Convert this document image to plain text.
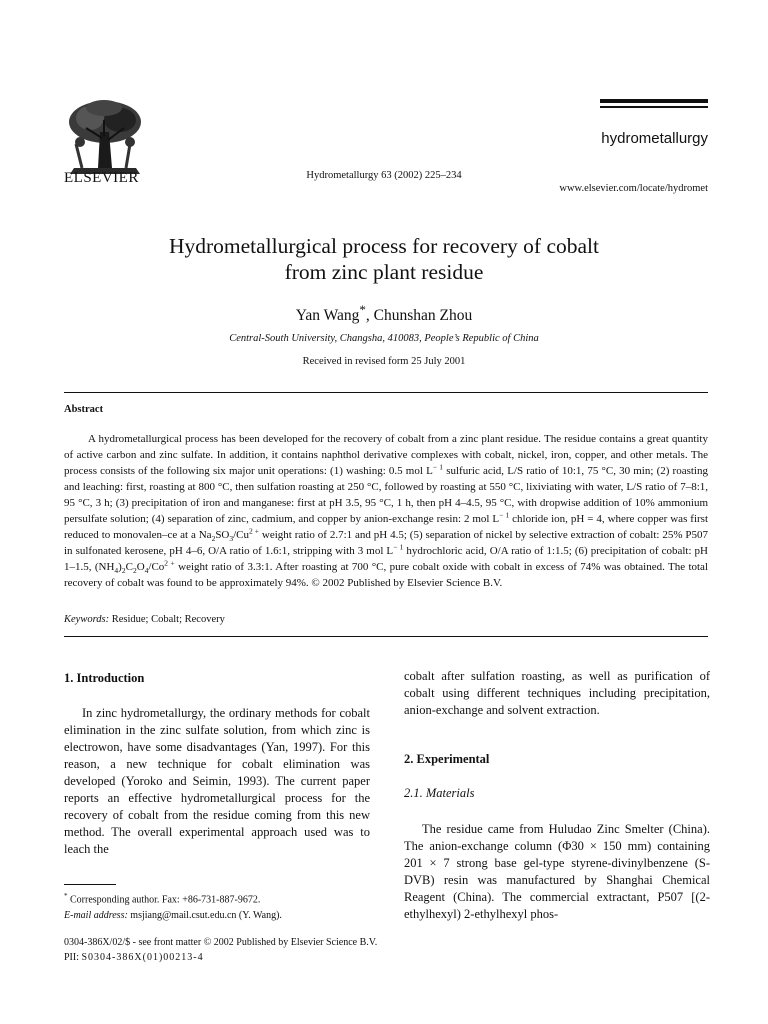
ELSEVIER	Hydrometallurgy 63 (2002) 225–234
hydrometallurgy
www.elsevier.com/locate/hydromet
Hydrometallurgical process for recovery of cobalt
from zinc plant residue
Yan Wang*, Chunshan Zhou
Central-South University, Changsha, 410083, People’s Republic of China
Received in revised form 25 July 2001
Abstract
A hydrometallurgical process has been developed for the recovery of cobalt from a zinc plant residue. The residue contains a great quantity of active carbon and zinc sulfate. In addition, it contains naphthol derivative complexes with cobalt, nickel, iron, copper, and other metals. The process consists of the following six major unit operations: (1) washing: 0.5 mol $L^{- 1}$ sulfuric acid, L/S ratio of 10:1, 75 °C, 30 min; (2) roasting and leaching: first, roasting at 800 °C, then sulfation roasting at 250 °C, followed by roasting at 550 °C, lixiviating with water, L/S ratio of 7–8:1, 95 °C, 3 h; (3) precipitation of iron and manganese: first at pH 3.5, 95 °C, 1 h, then pH 4–4.5, 95 °C, with dropwise addition of 10% ammonium persulfate solution; (4) separation of zinc, cadmium, and copper by anion-exchange resin: 2 mol $L^{- 1}$ chloride ion, pH = 4, where copper was first reduced to monovalen–ce at a $Na_2SO_3/Cu^{2 +}$ weight ratio of 2.7:1 and pH 4.5; (5) separation of nickel by selective extraction of cobalt: 25% P507 in sulfonated kerosene, pH 4–6, O/A ratio of 1.6:1, stripping with 3 mol $L^{- 1}$ hydrochloric acid, O/A ratio of 1:1.5; (6) precipitation of cobalt: pH 1–1.5, $(NH_4)_2C_2O_4/Co^{2 +}$ weight ratio of 3.3:1. After roasting at 700 °C, pure cobalt oxide with cobalt in excess of 74% was obtained. The total recovery of cobalt was found to be approximately 94%. © 2002 Published by Elsevier Science B.V.
Keywords: Residue; Cobalt; Recovery
1. Introduction

In zinc hydrometallurgy, the ordinary methods for cobalt elimination in the zinc sulfate solution, from which zinc is electrowon, have some disadvantages (Yan, 1997). For this reason, a new technique for cobalt elimination was developed (Yoroko and Seimin, 1993). The current paper reports an effective hydrometallurgical process for the recovery of cobalt from the residue coming from this new method. The overall experimental approach used was to leach the

cobalt after sulfation roasting, as well as purification of cobalt using different techniques including precipitation, anion-exchange and solvent extraction.

2. Experimental
2.1. Materials

The residue came from Huludao Zinc Smelter (China). The anion-exchange column (Φ30 × 150 mm) containing 201 × 7 strong base gel-type styrene-divinylbenzene (S-DVB) resin was manufactured by Shanghai Chemical Reagent (China). The commercial extractant, P507 [(2-ethylhexyl) 2-ethylhexyl phos-

* Corresponding author. Fax: +86-731-887-9672.
E-mail address: msjiang@mail.csut.edu.cn (Y. Wang).
0304-386X/02/$ - see front matter © 2002 Published by Elsevier Science B.V.
PII: S0304-386X(01)00213-4
